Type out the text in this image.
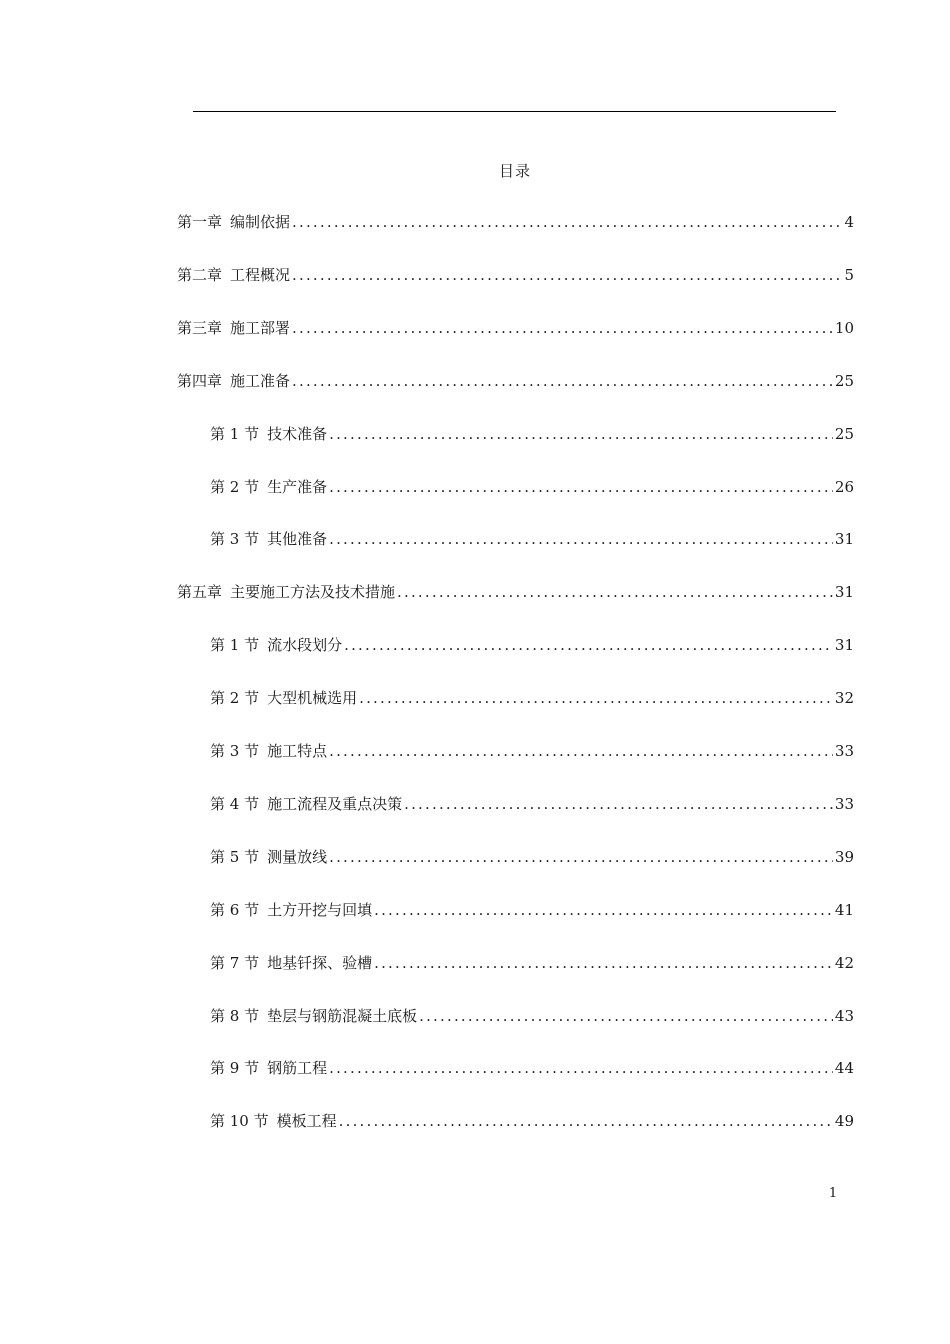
目录
第一章 编制依据 .....	4
第二章 工程概况 .....	5
第三章 施工部署 .....	10
第四章 施工准备 .....	25
第 1 节 技术准备 .....	25
第 2 节 生产准备 .....	26
第 3 节 其他准备 .....	31
第五章 主要施工方法及技术措施 .....	31
第 1 节 流水段划分 .....	31
第 2 节 大型机械选用 .....	32
第 3 节 施工特点 .....	33
第 4 节 施工流程及重点决策 .....	33
第 5 节 测量放线 .....	39
第 6 节 土方开挖与回填 .....	41
第 7 节 地基钎探、验槽 .....	42
第 8 节 垫层与钢筋混凝土底板 .....	43
第 9 节 钢筋工程 .....	44
第 10 节 模板工程 .....	49
1
